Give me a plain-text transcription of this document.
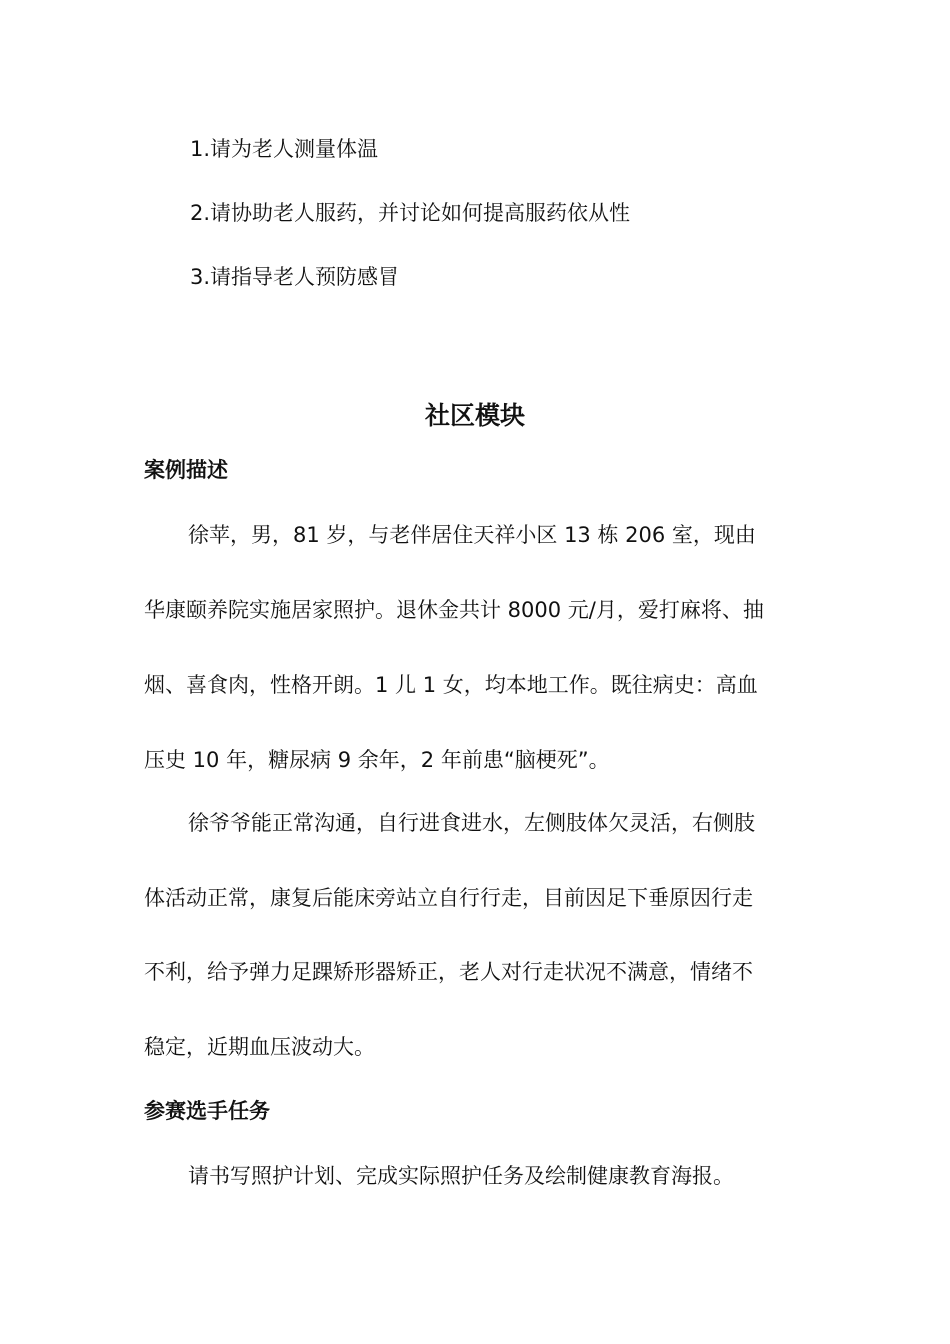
1.请为老人测量体温
2.请协助老人服药，并讨论如何提高服药依从性
3.请指导老人预防感冒
社区模块
案例描述
徐苹，男，81 岁，与老伴居住天祥小区 13 栋 206 室，现由
华康颐养院实施居家照护。退休金共计 8000 元/月，爱打麻将、抽
烟、喜食肉，性格开朗。1 儿 1 女，均本地工作。既往病史：高血
压史 10 年，糖尿病 9 余年，2 年前患“脑梗死”。
徐爷爷能正常沟通，自行进食进水，左侧肢体欠灵活，右侧肢
体活动正常，康复后能床旁站立自行行走，目前因足下垂原因行走
不利，给予弹力足踝矫形器矫正，老人对行走状况不满意，情绪不
稳定，近期血压波动大。
参赛选手任务
请书写照护计划、完成实际照护任务及绘制健康教育海报。
